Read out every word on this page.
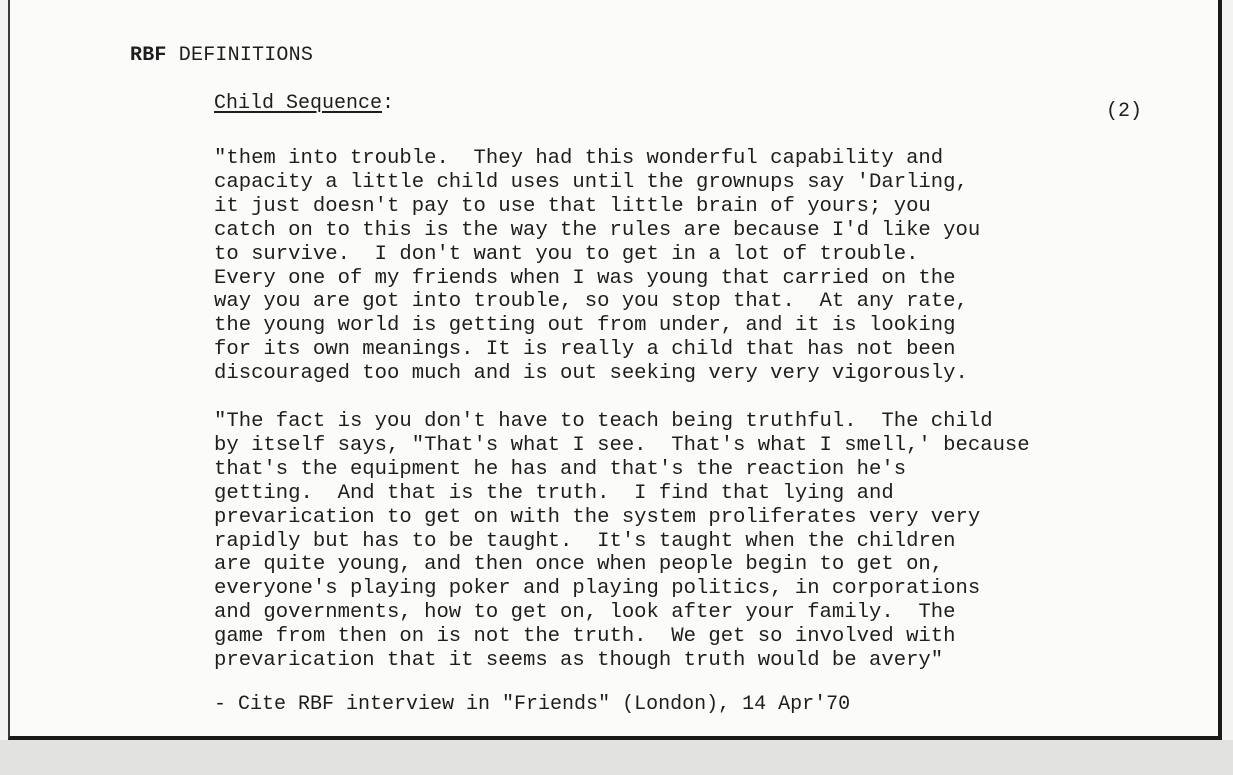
RBF DEFINITIONS
Child Sequence:	(2)
"them into trouble.  They had this wonderful capability and
capacity a little child uses until the grownups say 'Darling,
it just doesn't pay to use that little brain of yours; you
catch on to this is the way the rules are because I'd like you
to survive.  I don't want you to get in a lot of trouble.
Every one of my friends when I was young that carried on the
way you are got into trouble, so you stop that.  At any rate,
the young world is getting out from under, and it is looking
for its own meanings. It is really a child that has not been
discouraged too much and is out seeking very very vigorously.
"The fact is you don't have to teach being truthful.  The child
by itself says, "That's what I see.  That's what I smell,' because
that's the equipment he has and that's the reaction he's
getting.  And that is the truth.  I find that lying and
prevarication to get on with the system proliferates very very
rapidly but has to be taught.  It's taught when the children
are quite young, and then once when people begin to get on,
everyone's playing poker and playing politics, in corporations
and governments, how to get on, look after your family.  The
game from then on is not the truth.  We get so involved with
prevarication that it seems as though truth would be avery"
- Cite RBF interview in "Friends" (London), 14 Apr'70
